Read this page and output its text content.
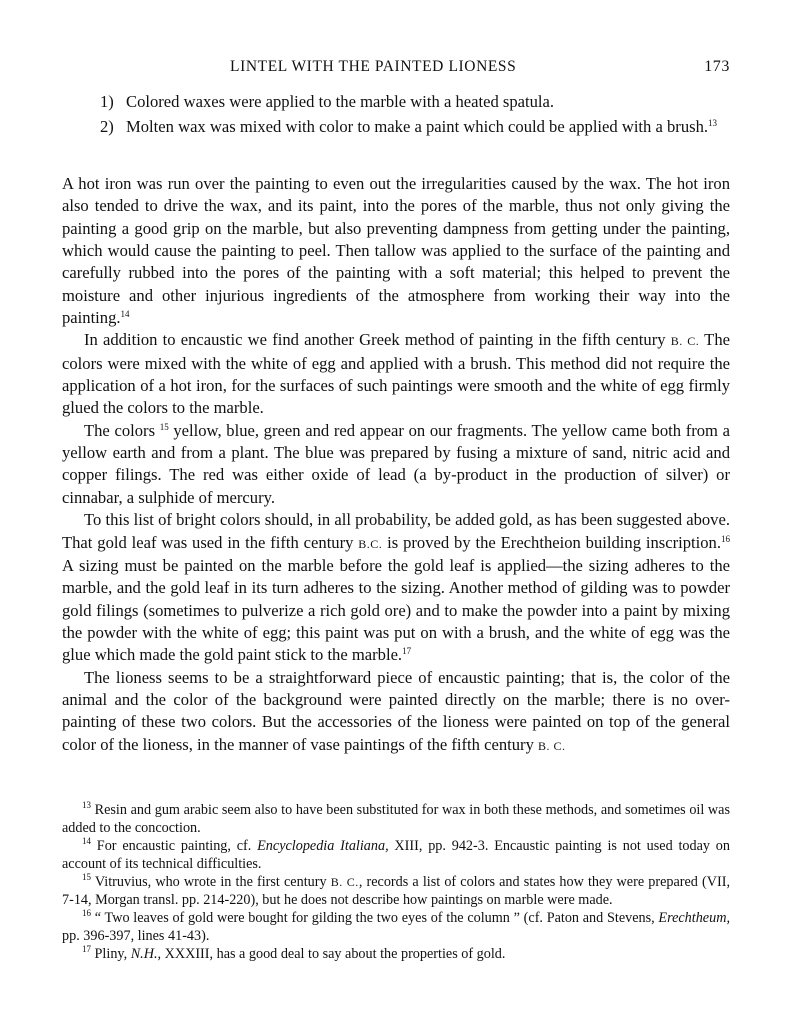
LINTEL WITH THE PAINTED LIONESS	173
1) Colored waxes were applied to the marble with a heated spatula.
2) Molten wax was mixed with color to make a paint which could be applied with a brush.$^{13}$

A hot iron was run over the painting to even out the irregularities caused by the wax. The hot iron also tended to drive the wax, and its paint, into the pores of the marble, thus not only giving the painting a good grip on the marble, but also preventing dampness from getting under the painting, which would cause the painting to peel. Then tallow was applied to the surface of the painting and carefully rubbed into the pores of the painting with a soft material; this helped to prevent the moisture and other injurious ingredients of the atmosphere from working their way into the painting.$^{14}$

In addition to encaustic we find another Greek method of painting in the fifth century B. C. The colors were mixed with the white of egg and applied with a brush. This method did not require the application of a hot iron, for the surfaces of such paintings were smooth and the white of egg firmly glued the colors to the marble.

The colors $^{15}$ yellow, blue, green and red appear on our fragments. The yellow came both from a yellow earth and from a plant. The blue was prepared by fusing a mixture of sand, nitric acid and copper filings. The red was either oxide of lead (a by-product in the production of silver) or cinnabar, a sulphide of mercury.

To this list of bright colors should, in all probability, be added gold, as has been suggested above. That gold leaf was used in the fifth century B.C. is proved by the Erechtheion building inscription.$^{16}$ A sizing must be painted on the marble before the gold leaf is applied—the sizing adheres to the marble, and the gold leaf in its turn adheres to the sizing. Another method of gilding was to powder gold filings (sometimes to pulverize a rich gold ore) and to make the powder into a paint by mixing the powder with the white of egg; this paint was put on with a brush, and the white of egg was the glue which made the gold paint stick to the marble.$^{17}$

The lioness seems to be a straightforward piece of encaustic painting; that is, the color of the animal and the color of the background were painted directly on the marble; there is no over-painting of these two colors. But the accessories of the lioness were painted on top of the general color of the lioness, in the manner of vase paintings of the fifth century B. C.

$^{13}$ Resin and gum arabic seem also to have been substituted for wax in both these methods, and sometimes oil was added to the concoction.

$^{14}$ For encaustic painting, cf. Encyclopedia Italiana, XIII, pp. 942-3. Encaustic painting is not used today on account of its technical difficulties.

$^{15}$ Vitruvius, who wrote in the first century B. C., records a list of colors and states how they were prepared (VII, 7-14, Morgan transl. pp. 214-220), but he does not describe how paintings on marble were made.

$^{16}$ “ Two leaves of gold were bought for gilding the two eyes of the column ” (cf. Paton and Stevens, Erechtheum, pp. 396-397, lines 41-43).

$^{17}$ Pliny, N.H., XXXIII, has a good deal to say about the properties of gold.
